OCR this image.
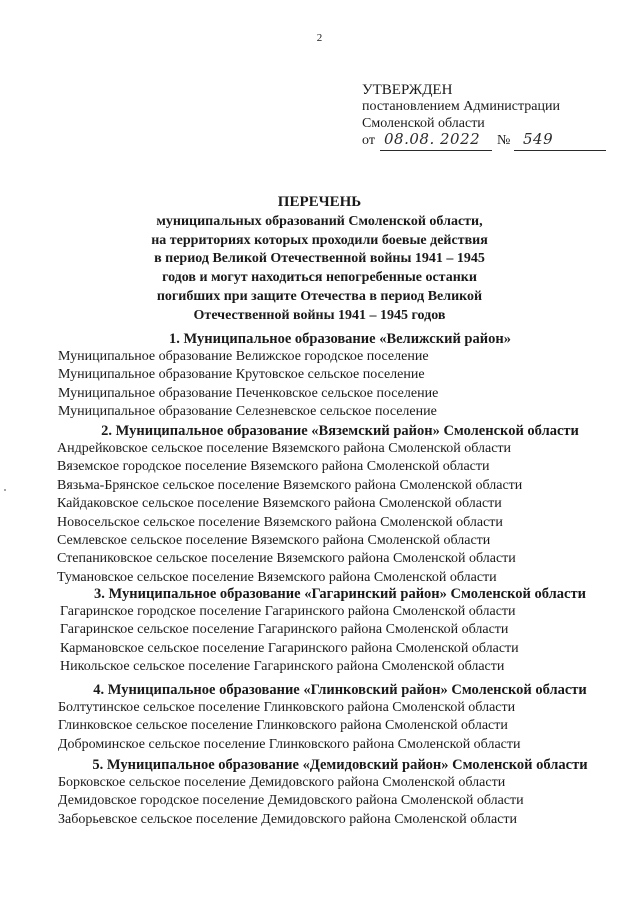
2
УТВЕРЖДЕН
постановлением Администрации
Смоленской области
от 08.08. 2022 № 549
ПЕРЕЧЕНЬ
муниципальных образований Смоленской области,
на территориях которых проходили боевые действия
в период Великой Отечественной войны 1941 – 1945
годов и могут находиться непогребенные останки
погибших при защите Отечества в период Великой
Отечественной войны 1941 – 1945 годов
1. Муниципальное образование «Велижский район»
Муниципальное образование Велижское городское поселение
Муниципальное образование Крутовское сельское поселение
Муниципальное образование Печенковское сельское поселение
Муниципальное образование Селезневское сельское поселение
2. Муниципальное образование «Вяземский район» Смоленской области
Андрейковское сельское поселение Вяземского района Смоленской области
Вяземское городское поселение Вяземского района Смоленской области
Вязьма-Брянское сельское поселение Вяземского района Смоленской области
Кайдаковское сельское поселение Вяземского района Смоленской области
Новосельское сельское поселение Вяземского района Смоленской области
Семлевское сельское поселение Вяземского района Смоленской области
Степаниковское сельское поселение Вяземского района Смоленской области
Тумановское сельское поселение Вяземского района Смоленской области
3. Муниципальное образование «Гагаринский район» Смоленской области
Гагаринское городское поселение Гагаринского района Смоленской области
Гагаринское сельское поселение Гагаринского района Смоленской области
Кармановское сельское поселение Гагаринского района Смоленской области
Никольское сельское поселение Гагаринского района Смоленской области
4. Муниципальное образование «Глинковский район» Смоленской области
Болтутинское сельское поселение Глинковского района Смоленской области
Глинковское сельское поселение Глинковского района Смоленской области
Доброминское сельское поселение Глинковского района Смоленской области
5. Муниципальное образование «Демидовский район» Смоленской области
Борковское сельское поселение Демидовского района Смоленской области
Демидовское городское поселение Демидовского района Смоленской области
Заборьевское сельское поселение Демидовского района Смоленской области
